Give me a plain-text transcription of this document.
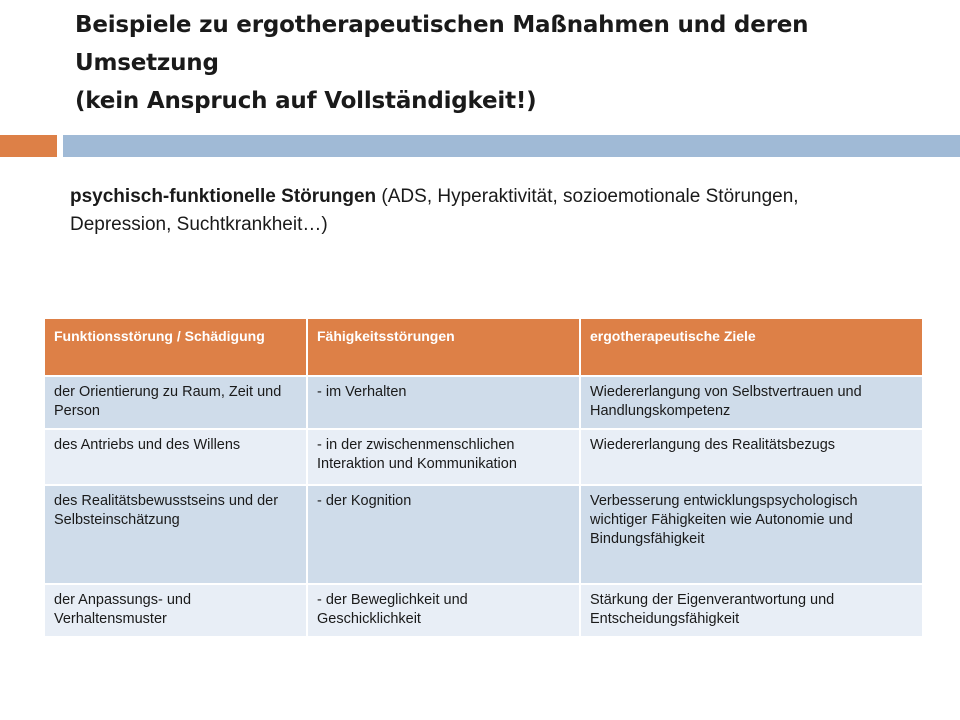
Beispiele zu ergotherapeutischen Maßnahmen und deren
Umsetzung
(kein Anspruch auf Vollständigkeit!)
psychisch-funktionelle Störungen (ADS, Hyperaktivität, sozioemotionale Störungen, Depression, Suchtkrankheit…)
Funktionsstörung / Schädigung	Fähigkeitsstörungen	ergotherapeutische Ziele
der Orientierung zu Raum, Zeit und Person	- im Verhalten	Wiedererlangung von Selbstvertrauen und Handlungskompetenz
des Antriebs und des Willens	- in der zwischenmenschlichen Interaktion und Kommunikation	Wiedererlangung des Realitätsbezugs
des Realitätsbewusstseins und der Selbsteinschätzung	- der Kognition	Verbesserung entwicklungspsychologisch wichtiger Fähigkeiten wie Autonomie und Bindungsfähigkeit
der Anpassungs- und Verhaltensmuster	- der Beweglichkeit und Geschicklichkeit	Stärkung der Eigenverantwortung und Entscheidungsfähigkeit
